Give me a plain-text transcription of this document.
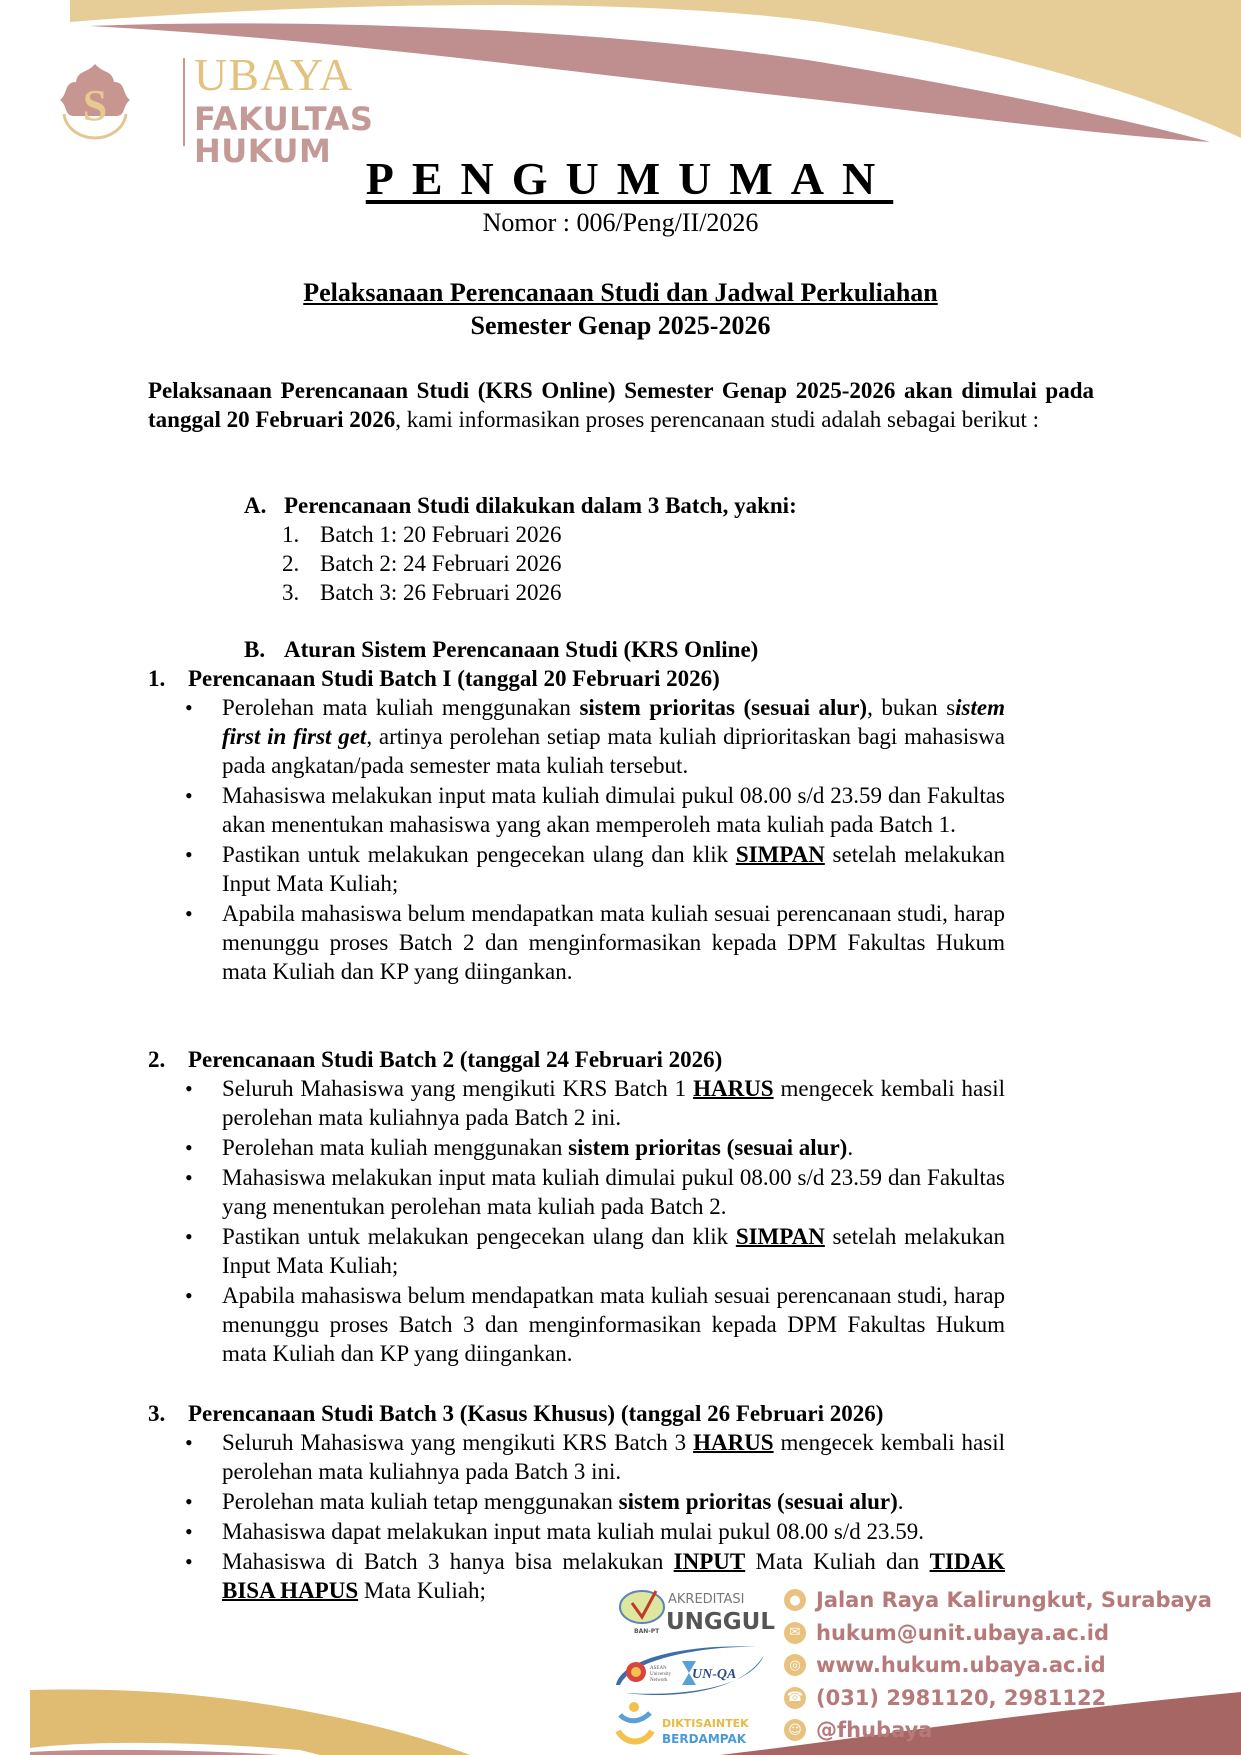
S
UBAYA
FAKULTAS HUKUM
PENGUMUMAN
Nomor : 006/Peng/II/2026
Pelaksanaan Perencanaan Studi dan Jadwal Perkuliahan
Semester Genap 2025-2026
Pelaksanaan Perencanaan Studi (KRS Online) Semester Genap 2025-2026 akan dimulai pada tanggal 20 Februari 2026, kami informasikan proses perencanaan studi adalah sebagai berikut :
A. Perencanaan Studi dilakukan dalam 3 Batch, yakni:
1. Batch 1: 20 Februari 2026
2. Batch 2: 24 Februari 2026
3. Batch 3: 26 Februari 2026
B. Aturan Sistem Perencanaan Studi (KRS Online)
1. Perencanaan Studi Batch I (tanggal 20 Februari 2026)
• Perolehan mata kuliah menggunakan sistem prioritas (sesuai alur), bukan sistem first in first get, artinya perolehan setiap mata kuliah diprioritaskan bagi mahasiswa pada angkatan/pada semester mata kuliah tersebut.
• Mahasiswa melakukan input mata kuliah dimulai pukul 08.00 s/d 23.59 dan Fakultas akan menentukan mahasiswa yang akan memperoleh mata kuliah pada Batch 1.
• Pastikan untuk melakukan pengecekan ulang dan klik SIMPAN setelah melakukan Input Mata Kuliah;
• Apabila mahasiswa belum mendapatkan mata kuliah sesuai perencanaan studi, harap menunggu proses Batch 2 dan menginformasikan kepada DPM Fakultas Hukum mata Kuliah dan KP yang diingankan.
2. Perencanaan Studi Batch 2 (tanggal 24 Februari 2026)
• Seluruh Mahasiswa yang mengikuti KRS Batch 1 HARUS mengecek kembali hasil perolehan mata kuliahnya pada Batch 2 ini.
• Perolehan mata kuliah menggunakan sistem prioritas (sesuai alur).
• Mahasiswa melakukan input mata kuliah dimulai pukul 08.00 s/d 23.59 dan Fakultas yang menentukan perolehan mata kuliah pada Batch 2.
• Pastikan untuk melakukan pengecekan ulang dan klik SIMPAN setelah melakukan Input Mata Kuliah;
• Apabila mahasiswa belum mendapatkan mata kuliah sesuai perencanaan studi, harap menunggu proses Batch 3 dan menginformasikan kepada DPM Fakultas Hukum mata Kuliah dan KP yang diingankan.
3. Perencanaan Studi Batch 3 (Kasus Khusus) (tanggal 26 Februari 2026)
• Seluruh Mahasiswa yang mengikuti KRS Batch 3 HARUS mengecek kembali hasil perolehan mata kuliahnya pada Batch 3 ini.
• Perolehan mata kuliah tetap menggunakan sistem prioritas (sesuai alur).
• Mahasiswa dapat melakukan input mata kuliah mulai pukul 08.00 s/d 23.59.
• Mahasiswa di Batch 3 hanya bisa melakukan INPUT Mata Kuliah dan TIDAK BISA HAPUS Mata Kuliah;
BAN-PT
AKREDITASI
UNGGUL
ASEAN
University
Network UN-QA
DIKTISAINTEK
BERDAMPAK
● Jalan Raya Kalirungkut, Surabaya
✉ hukum@unit.ubaya.ac.id
◎ www.hukum.ubaya.ac.id
☎ (031) 2981120, 2981122
☺ @fhubaya
